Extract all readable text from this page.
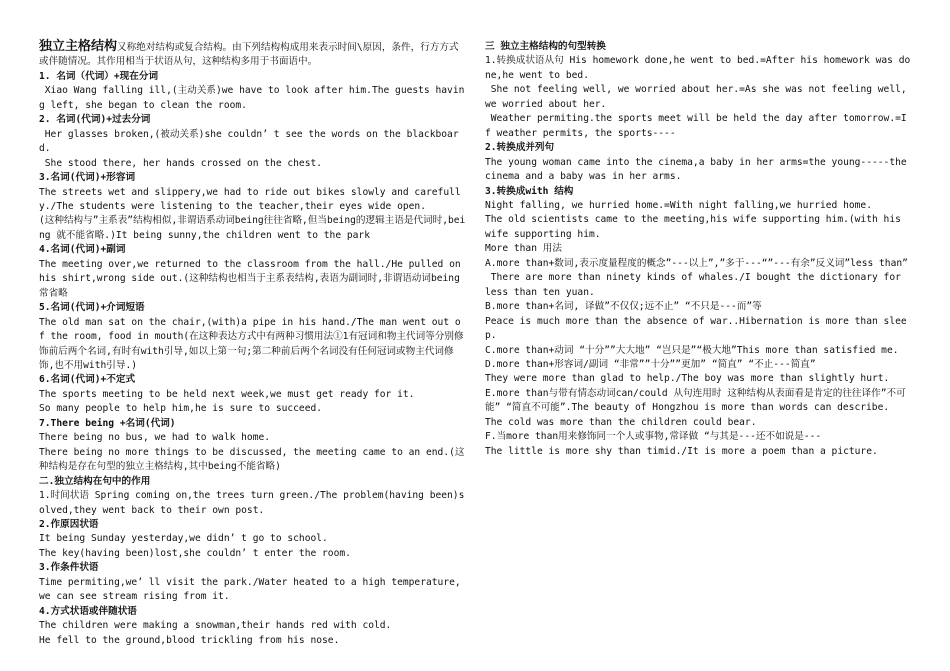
独立主格结构又称绝对结构或复合结构。由下列结构构成用来表示时间\原因，条件，行方方式或伴随情况。其作用相当于状语从句，这种结构多用于书面语中。
1. 名词（代词）+现在分词
Xiao Wang falling ill,(主动关系)we have to look after him.The guests having left, she began to clean the room.
2. 名词(代词)+过去分词
Her glasses broken,(被动关系)she couldn’ t see the words on the blackboard.
She stood there, her hands crossed on the chest.
3.名词(代词)+形容词
The streets wet and slippery,we had to ride out bikes slowly and carefully./The students were listening to the teacher,their eyes wide open.
(这种结构与”主系表”结构相似,非谓语系动词being往往省略,但当being的逻辑主语是代词时,being 就不能省略.)It being sunny,the children went to the park
4.名词(代词)+副词
The meeting over,we returned to the classroom from the hall./He pulled on his shirt,wrong side out.(这种结构也相当于主系表结构,表语为副词时,非谓语动词being常省略
5.名词(代词)+介词短语
The old man sat on the chair,(with)a pipe in his hand./The man went out of the room, food in mouth(在这种表达方式中有两种习惯用法①1有冠词和物主代词等分别修饰前后两个名词,有时有with引导,如以上第一句;第二种前后两个名词没有任何冠词或物主代词修饰,也不用with引导.)
6.名词(代词)+不定式
The sports meeting to be held next week,we must get ready for it.
So many people to help him,he is sure to succeed.
7.There being +名词(代词)
There being no bus, we had to walk home.
There being no more things to be discussed, the meeting came to an end.(这种结构是存在句型的独立主格结构,其中being不能省略)
二.独立结构在句中的作用
1.时间状语 Spring coming on,the trees turn green./The problem(having been)solved,they went back to their own post.
2.作原因状语
It being Sunday yesterday,we didn’ t go to school.
The key(having been)lost,she couldn’ t enter the room.
3.作条件状语
Time permiting,we’ ll visit the park./Water heated to a high temperature,we can see stream rising from it.
4.方式状语或伴随状语
The children were making a snowman,their hands red with cold.
He fell to the ground,blood trickling from his nose.
三 独立主格结构的句型转换
1.转换成状语从句 His homework done,he went to bed.=After his homework was done,he went to bed.
She not feeling well, we worried about her.=As she was not feeling well, we worried about her.
Weather permiting.the sports meet will be held the day after tomorrow.=If weather permits, the sports----
2.转换成并列句
The young woman came into the cinema,a baby in her arms=the young-----the cinema and a baby was in her arms.
3.转换成with 结构
Night falling, we hurried home.=With night falling,we hurried home.
The old scientists came to the meeting,his wife supporting him.(with his wife supporting him.
More than 用法
A.more than+数词,表示度量程度的概念”---以上”,”多于---“”---有余”反义词”less than”
There are more than ninety kinds of whales./I bought the dictionary for less than ten yuan.
B.more than+名词, 译做”不仅仅;远不止” “不只是---而”等
Peace is much more than the absence of war..Hibernation is more than sleep.
C.more than+动词 “十分””大大地” “岂只是”“极大地”This more than satisfied me.
D.more than+形容词/副词 “非常””十分””更加” “简直” “不止---简直”
They were more than glad to help./The boy was more than slightly hurt.
E.more than与带有情态动词can/could 从句连用时 这种结构从表面看是肯定的往往译作”不可能” “简直不可能”.The beauty of Hongzhou is more than words can describe.
The cold was more than the children could bear.
F.当more than用来修饰同一个人或事物,常译做 “与其是---还不如说是---
The little is more shy than timid./It is more a poem than a picture.
